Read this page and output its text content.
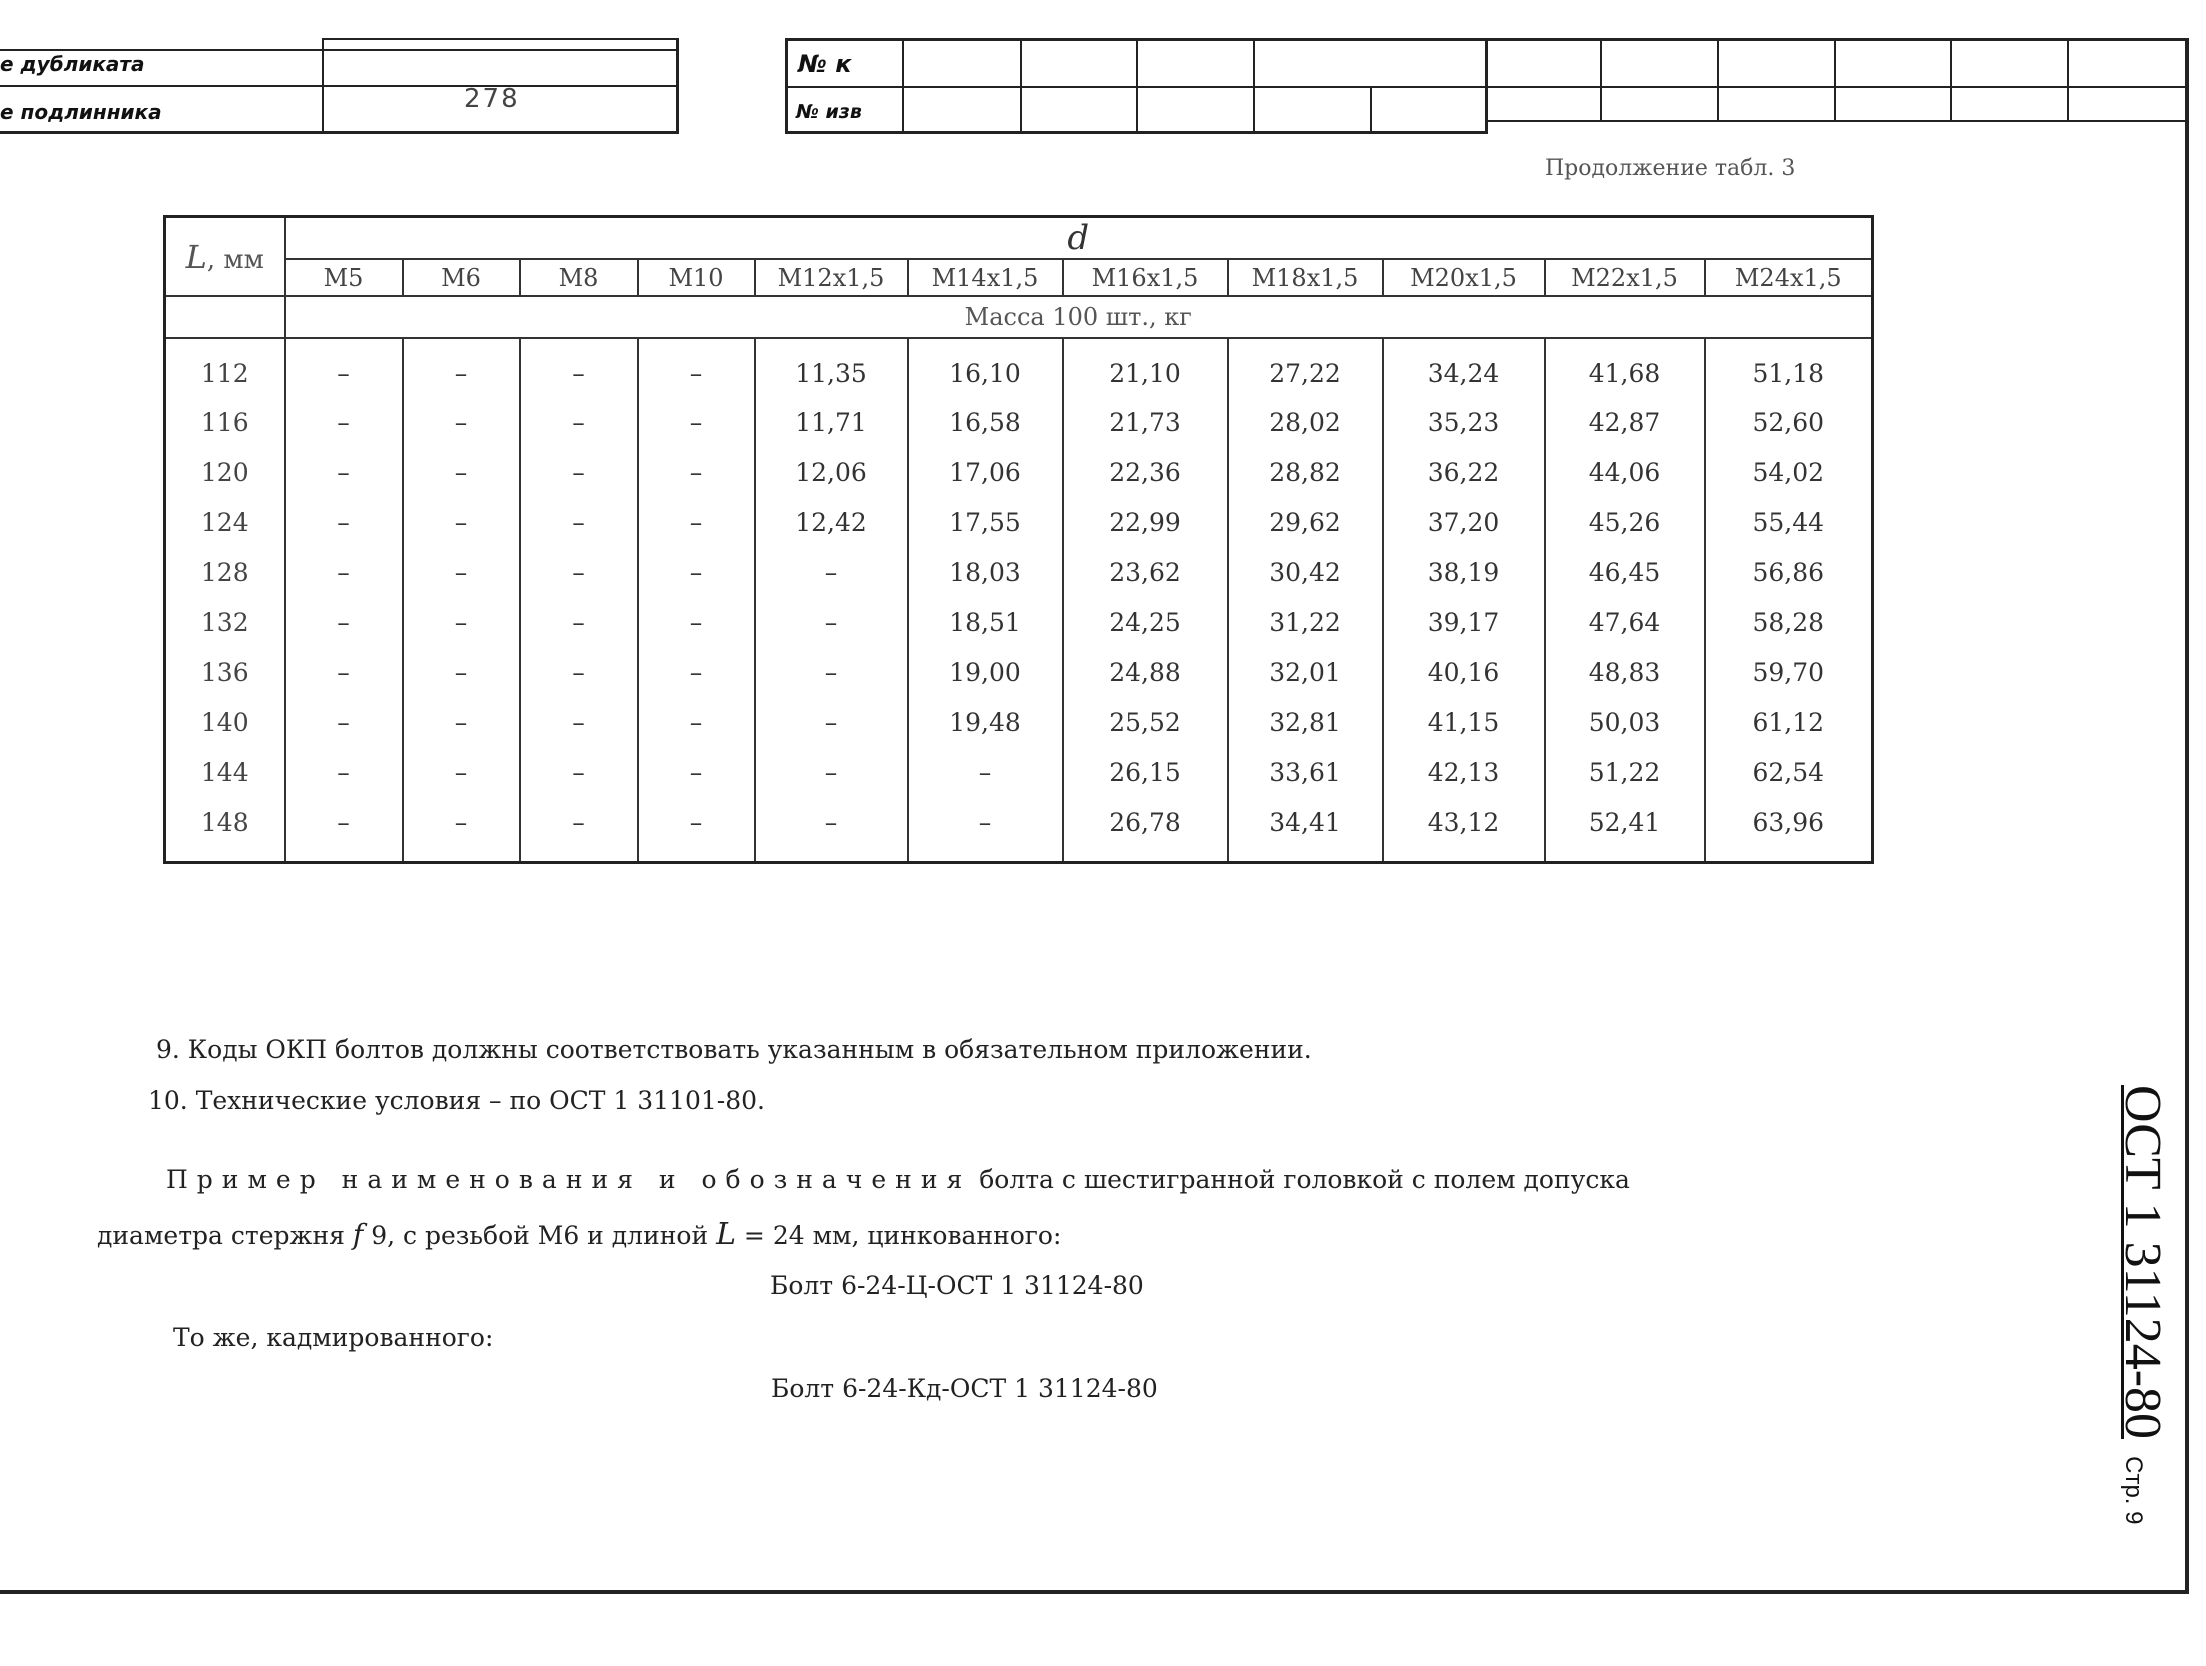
е дубликата
е подлинника	278
№ к
№ изв
Продолжение табл. 3
L, мм	d										
	М5	М6	М8	М10	М12х1,5	М14х1,5	М16х1,5	М18х1,5	М20х1,5	М22х1,5	М24х1,5
	Масса 100 шт., кг										
112	–	–	–	–	11,35	16,10	21,10	27,22	34,24	41,68	51,18
116	–	–	–	–	11,71	16,58	21,73	28,02	35,23	42,87	52,60
120	–	–	–	–	12,06	17,06	22,36	28,82	36,22	44,06	54,02
124	–	–	–	–	12,42	17,55	22,99	29,62	37,20	45,26	55,44
128	–	–	–	–	–	18,03	23,62	30,42	38,19	46,45	56,86
132	–	–	–	–	–	18,51	24,25	31,22	39,17	47,64	58,28
136	–	–	–	–	–	19,00	24,88	32,01	40,16	48,83	59,70
140	–	–	–	–	–	19,48	25,52	32,81	41,15	50,03	61,12
144	–	–	–	–	–	–	26,15	33,61	42,13	51,22	62,54
148	–	–	–	–	–	–	26,78	34,41	43,12	52,41	63,96
9. Коды ОКП болтов должны соответствовать указанным в обязательном приложении.
10. Технические условия – по ОСТ 1 31101-80.
Пример наименования и обозначения болта с шестигранной головкой с полем допуска
диаметра стержня f 9, с резьбой М6 и длиной L = 24 мм, цинкованного:
Болт 6-24-Ц-ОСТ 1 31124-80
То же, кадмированного:
Болт 6-24-Кд-ОСТ 1 31124-80	ОСТ 1 31124-80 Стр. 9
